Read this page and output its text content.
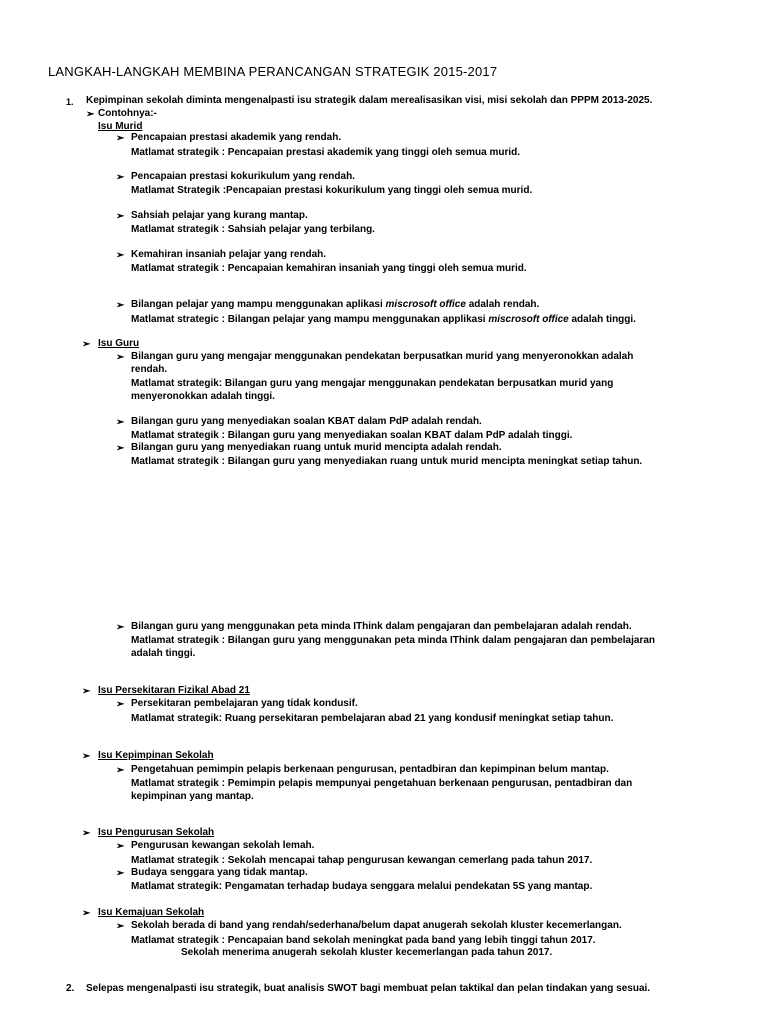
LANGKAH-LANGKAH MEMBINA PERANCANGAN STRATEGIK 2015-2017
1. Kepimpinan sekolah diminta mengenalpasti isu strategik dalam merealisasikan visi, misi sekolah dan PPPM 2013-2025.
➢ Contohnya:-
Isu Murid
➢ Pencapaian prestasi akademik yang rendah.
Matlamat strategik : Pencapaian prestasi akademik yang tinggi oleh semua murid.
➢ Pencapaian prestasi kokurikulum yang rendah.
Matlamat Strategik :Pencapaian prestasi kokurikulum yang tinggi oleh semua murid.
➢ Sahsiah pelajar yang kurang mantap.
Matlamat strategik : Sahsiah pelajar yang terbilang.
➢ Kemahiran insaniah pelajar yang rendah.
Matlamat strategik : Pencapaian kemahiran insaniah yang tinggi oleh semua murid.
➢ Bilangan pelajar yang mampu menggunakan aplikasi miscrosoft office adalah rendah.
Matlamat strategic : Bilangan pelajar yang mampu menggunakan applikasi miscrosoft office adalah tinggi.
➢ Isu Guru
➢ Bilangan guru yang mengajar menggunakan pendekatan berpusatkan murid yang menyeronokkan adalah
rendah.
Matlamat strategik: Bilangan guru yang mengajar menggunakan pendekatan berpusatkan murid yang
menyeronokkan adalah tinggi.
➢ Bilangan guru yang menyediakan soalan KBAT dalam PdP adalah rendah.
Matlamat strategik : Bilangan guru yang menyediakan soalan KBAT dalam PdP adalah tinggi.
➢ Bilangan guru yang menyediakan ruang untuk murid mencipta adalah rendah.
Matlamat strategik : Bilangan guru yang menyediakan ruang untuk murid mencipta meningkat setiap tahun.
➢ Bilangan guru yang menggunakan peta minda IThink dalam pengajaran dan pembelajaran adalah rendah.
Matlamat strategik : Bilangan guru yang menggunakan peta minda IThink dalam pengajaran dan pembelajaran
adalah tinggi.
➢ Isu Persekitaran Fizikal Abad 21
➢ Persekitaran pembelajaran yang tidak kondusif.
Matlamat strategik: Ruang persekitaran pembelajaran abad 21 yang kondusif meningkat setiap tahun.
➢ Isu Kepimpinan Sekolah
➢ Pengetahuan pemimpin pelapis berkenaan pengurusan, pentadbiran dan kepimpinan belum mantap.
Matlamat strategik : Pemimpin pelapis mempunyai pengetahuan berkenaan pengurusan, pentadbiran dan
kepimpinan yang mantap.
➢ Isu Pengurusan Sekolah
➢ Pengurusan kewangan sekolah lemah.
Matlamat strategik : Sekolah mencapai tahap pengurusan kewangan cemerlang pada tahun 2017.
➢ Budaya senggara yang tidak mantap.
Matlamat strategik: Pengamatan terhadap budaya senggara melalui pendekatan 5S yang mantap.
➢ Isu Kemajuan Sekolah
➢ Sekolah berada di band yang rendah/sederhana/belum dapat anugerah sekolah kluster kecemerlangan.
Matlamat strategik : Pencapaian band sekolah meningkat pada band yang lebih tinggi tahun 2017.
Sekolah menerima anugerah sekolah kluster kecemerlangan pada tahun 2017.
2. Selepas mengenalpasti isu strategik, buat analisis SWOT bagi membuat pelan taktikal dan pelan tindakan yang sesuai.
